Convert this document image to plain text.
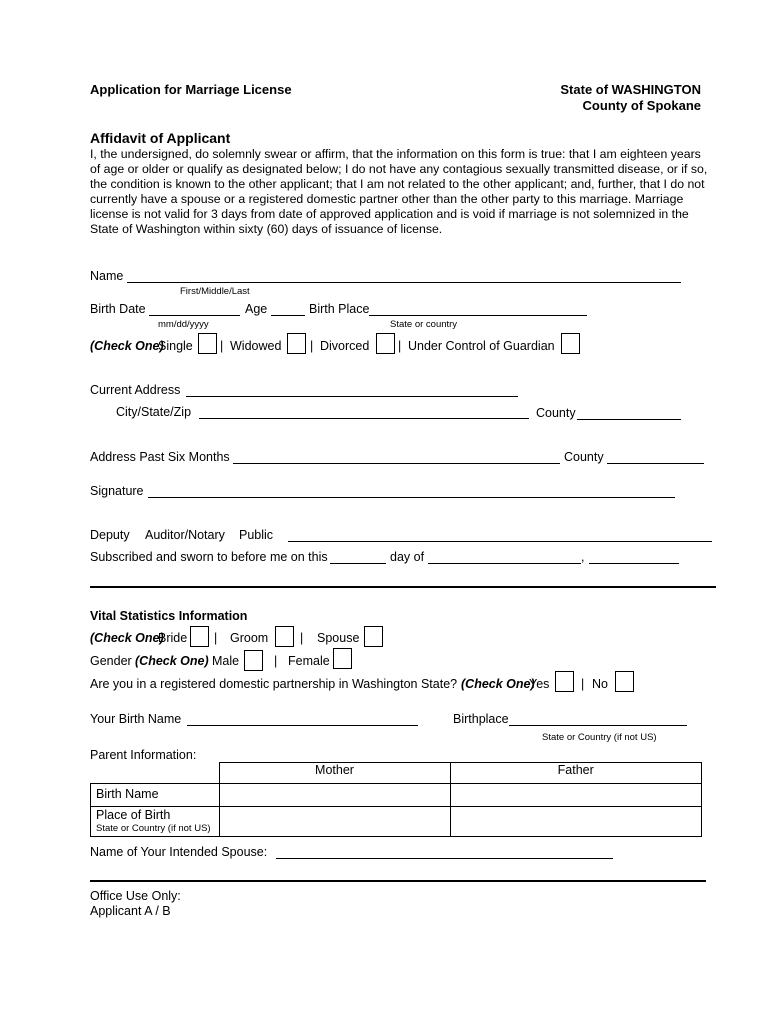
Application for Marriage License	State of WASHINGTON
County of Spokane
Affidavit of Applicant
I, the undersigned, do solemnly swear or affirm, that the information on this form is true: that I am eighteen years of age or older or qualify as designated below; I do not have any contagious sexually transmitted disease, or if so, the condition is known to the other applicant; that I am not related to the other applicant; and, further, that I do not currently have a spouse or a registered domestic partner other than the other party to this marriage. Marriage license is not valid for 3 days from date of approved application and is void if marriage is not solemnized in the State of Washington within sixty (60) days of issuance of license.
Name
First/Middle/Last
Birth Date	Age	Birth Place
mm/dd/yyyy	State or country
(Check One)
Single | Widowed | Divorced | Under Control of Guardian
Current Address
City/State/Zip	County
Address Past Six Months	County
Signature
Deputy Auditor/Notary Public
Subscribed and sworn to before me on this	day of	,
Vital Statistics Information
(Check One)
Bride | Groom	| Spouse
Gender (Check One) Male	| Female
Are you in a registered domestic partnership in Washington State? (Check One)
Yes	| No
Your Birth Name	Birthplace
State or Country (if not US)
Parent Information:
	Mother	Father
Birth Name		

Place of Birth
State or Country (if not US)		

Name of Your Intended Spouse:
Office Use Only:
Applicant A / B
